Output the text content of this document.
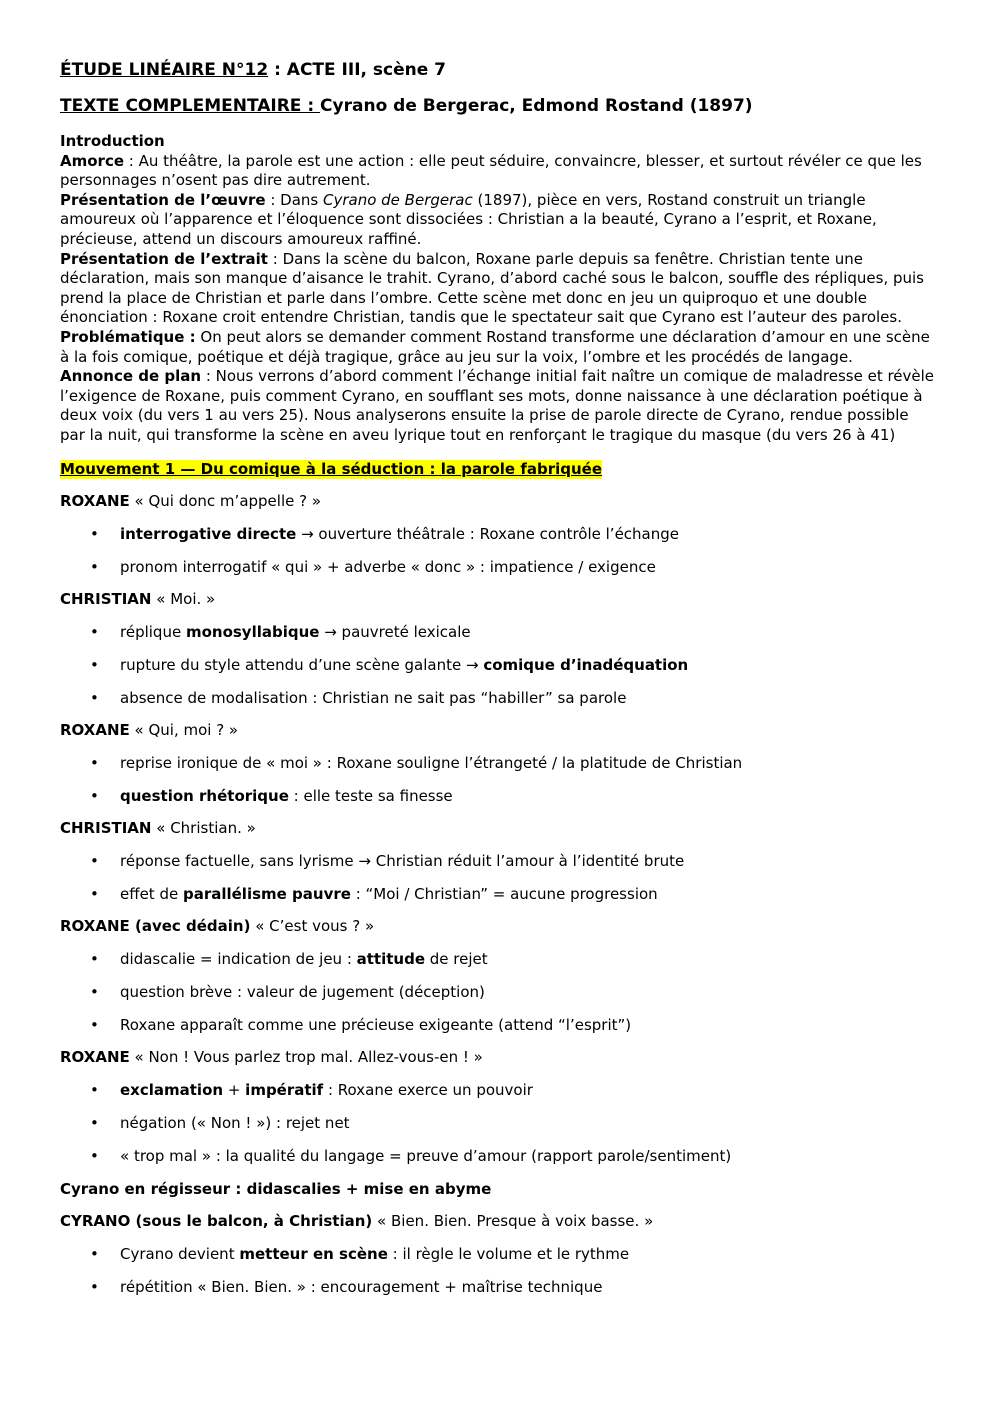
ÉTUDE LINÉAIRE N°12 : ACTE III, scène 7
TEXTE COMPLEMENTAIRE : Cyrano de Bergerac, Edmond Rostand (1897)
Introduction

Amorce : Au théâtre, la parole est une action : elle peut séduire, convaincre, blesser, et surtout révéler ce que les personnages n’osent pas dire autrement.

Présentation de l’œuvre : Dans Cyrano de Bergerac (1897), pièce en vers, Rostand construit un triangle amoureux où l’apparence et l’éloquence sont dissociées : Christian a la beauté, Cyrano a l’esprit, et Roxane, précieuse, attend un discours amoureux raffiné.

Présentation de l’extrait : Dans la scène du balcon, Roxane parle depuis sa fenêtre. Christian tente une déclaration, mais son manque d’aisance le trahit. Cyrano, d’abord caché sous le balcon, souffle des répliques, puis prend la place de Christian et parle dans l’ombre. Cette scène met donc en jeu un quiproquo et une double énonciation : Roxane croit entendre Christian, tandis que le spectateur sait que Cyrano est l’auteur des paroles.

Problématique : On peut alors se demander comment Rostand transforme une déclaration d’amour en une scène à la fois comique, poétique et déjà tragique, grâce au jeu sur la voix, l’ombre et les procédés de langage.

Annonce de plan : Nous verrons d’abord comment l’échange initial fait naître un comique de maladresse et révèle l’exigence de Roxane, puis comment Cyrano, en soufflant ses mots, donne naissance à une déclaration poétique à deux voix (du vers 1 au vers 25). Nous analyserons ensuite la prise de parole directe de Cyrano, rendue possible par la nuit, qui transforme la scène en aveu lyrique tout en renforçant le tragique du masque (du vers 26 à 41)

Mouvement 1 — Du comique à la séduction : la parole fabriquée
ROXANE « Qui donc m’appelle ? »
• interrogative directe → ouverture théâtrale : Roxane contrôle l’échange
• pronom interrogatif « qui » + adverbe « donc » : impatience / exigence
CHRISTIAN « Moi. »
• réplique monosyllabique → pauvreté lexicale
• rupture du style attendu d’une scène galante → comique d’inadéquation
• absence de modalisation : Christian ne sait pas “habiller” sa parole
ROXANE « Qui, moi ? »
• reprise ironique de « moi » : Roxane souligne l’étrangeté / la platitude de Christian
• question rhétorique : elle teste sa finesse
CHRISTIAN « Christian. »
• réponse factuelle, sans lyrisme → Christian réduit l’amour à l’identité brute
• effet de parallélisme pauvre : “Moi / Christian” = aucune progression
ROXANE (avec dédain) « C’est vous ? »
• didascalie = indication de jeu : attitude de rejet
• question brève : valeur de jugement (déception)
• Roxane apparaît comme une précieuse exigeante (attend “l’esprit”)
ROXANE « Non ! Vous parlez trop mal. Allez-vous-en ! »
• exclamation + impératif : Roxane exerce un pouvoir
• négation (« Non ! ») : rejet net
• « trop mal » : la qualité du langage = preuve d’amour (rapport parole/sentiment)
Cyrano en régisseur : didascalies + mise en abyme
CYRANO (sous le balcon, à Christian) « Bien. Bien. Presque à voix basse. »
• Cyrano devient metteur en scène : il règle le volume et le rythme
• répétition « Bien. Bien. » : encouragement + maîtrise technique
